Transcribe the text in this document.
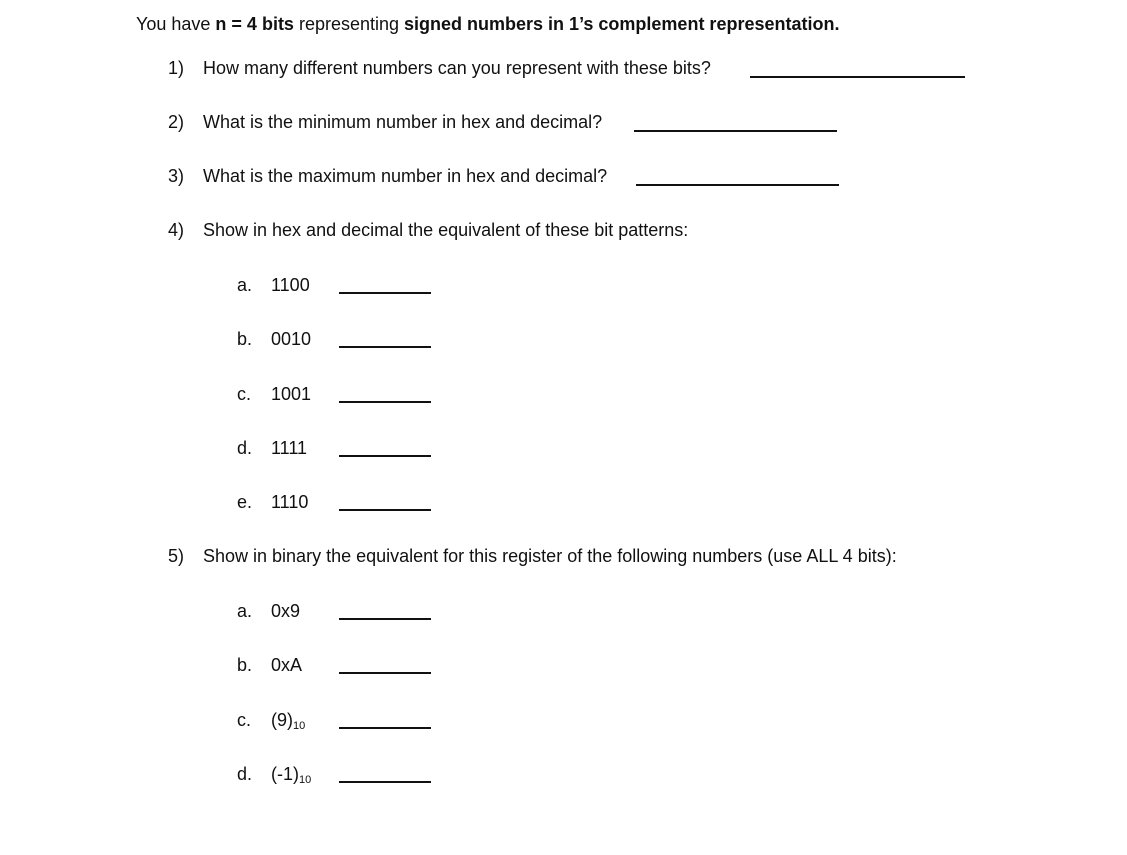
You have n = 4 bits representing signed numbers in 1’s complement representation.
1) How many different numbers can you represent with these bits?
2) What is the minimum number in hex and decimal?
3) What is the maximum number in hex and decimal?
4) Show in hex and decimal the equivalent of these bit patterns:
a. 1100
b. 0010
c. 1001
d. 1111
e. 1110
5) Show in binary the equivalent for this register of the following numbers (use ALL 4 bits):
a. 0x9
b. 0xA
c. $(9)_{10}$
d. $(-1)_{10}$
